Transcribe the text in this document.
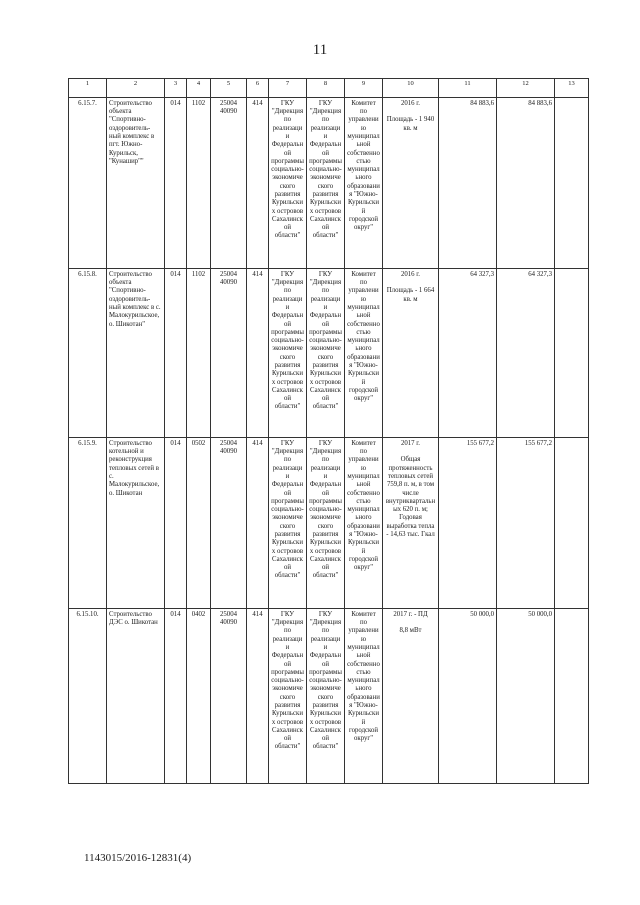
11
1	2	3	4	5	6	7	8	9	10	11	12	13	
6.15.7.	Строительство объекта "Спортивно-оздоровитель-ный комплекс в пгт. Южно-Курильск, "Кунашир""	014	1102	25004 40090	414	ГКУ "Дирекция по реализации Федеральной программы социально-экономического развития Курильских островов Сахалинской области"	ГКУ "Дирекция по реализации Федеральной программы социально-экономического развития Курильских островов Сахалинской области"	Комитет по управлению муниципальной собственностью муниципального образования "Южно-Курильский городской округ"	2016 г.

Площадь - 1 940 кв. м	84 883,6	84 883,6		
6.15.8.	Строительство объекта "Спортивно-оздоровитель-ный комплекс в с. Малокурильское, о. Шикотан"	014	1102	25004 40090	414	ГКУ "Дирекция по реализации Федеральной программы социально-экономического развития Курильских островов Сахалинской области"	ГКУ "Дирекция по реализации Федеральной программы социально-экономического развития Курильских островов Сахалинской области"	Комитет по управлению муниципальной собственностью муниципального образования "Южно-Курильский городской округ"	2016 г.

Площадь - 1 664 кв. м	64 327,3	64 327,3		
6.15.9.	Строительство котельной и реконструкция тепловых сетей в с. Малокурильское, о. Шикотан	014	0502	25004 40090	414	ГКУ "Дирекция по реализации Федеральной программы социально-экономического развития Курильских островов Сахалинской области"	ГКУ "Дирекция по реализации Федеральной программы социально-экономического развития Курильских островов Сахалинской области"	Комитет по управлению муниципальной собственностью муниципального образования "Южно-Курильский городской округ"	2017 г.

Общая протяженность тепловых сетей 759,8 п. м, в том числе внутриквартальных 620 п. м; Годовая выработка тепла - 14,63 тыс. Гкал	155 677,2	155 677,2		
6.15.10.	Строительство ДЭС о. Шикотан	014	0402	25004 40090	414	ГКУ "Дирекция по реализации Федеральной программы социально-экономического развития Курильских островов Сахалинской области"	ГКУ "Дирекция по реализации Федеральной программы социально-экономического развития Курильских островов Сахалинской области"	Комитет по управлению муниципальной собственностью муниципального образования "Южно-Курильский городской округ"	2017 г. - ПД

8,8 мВт	50 000,0	50 000,0		
1143015/2016-12831(4)
